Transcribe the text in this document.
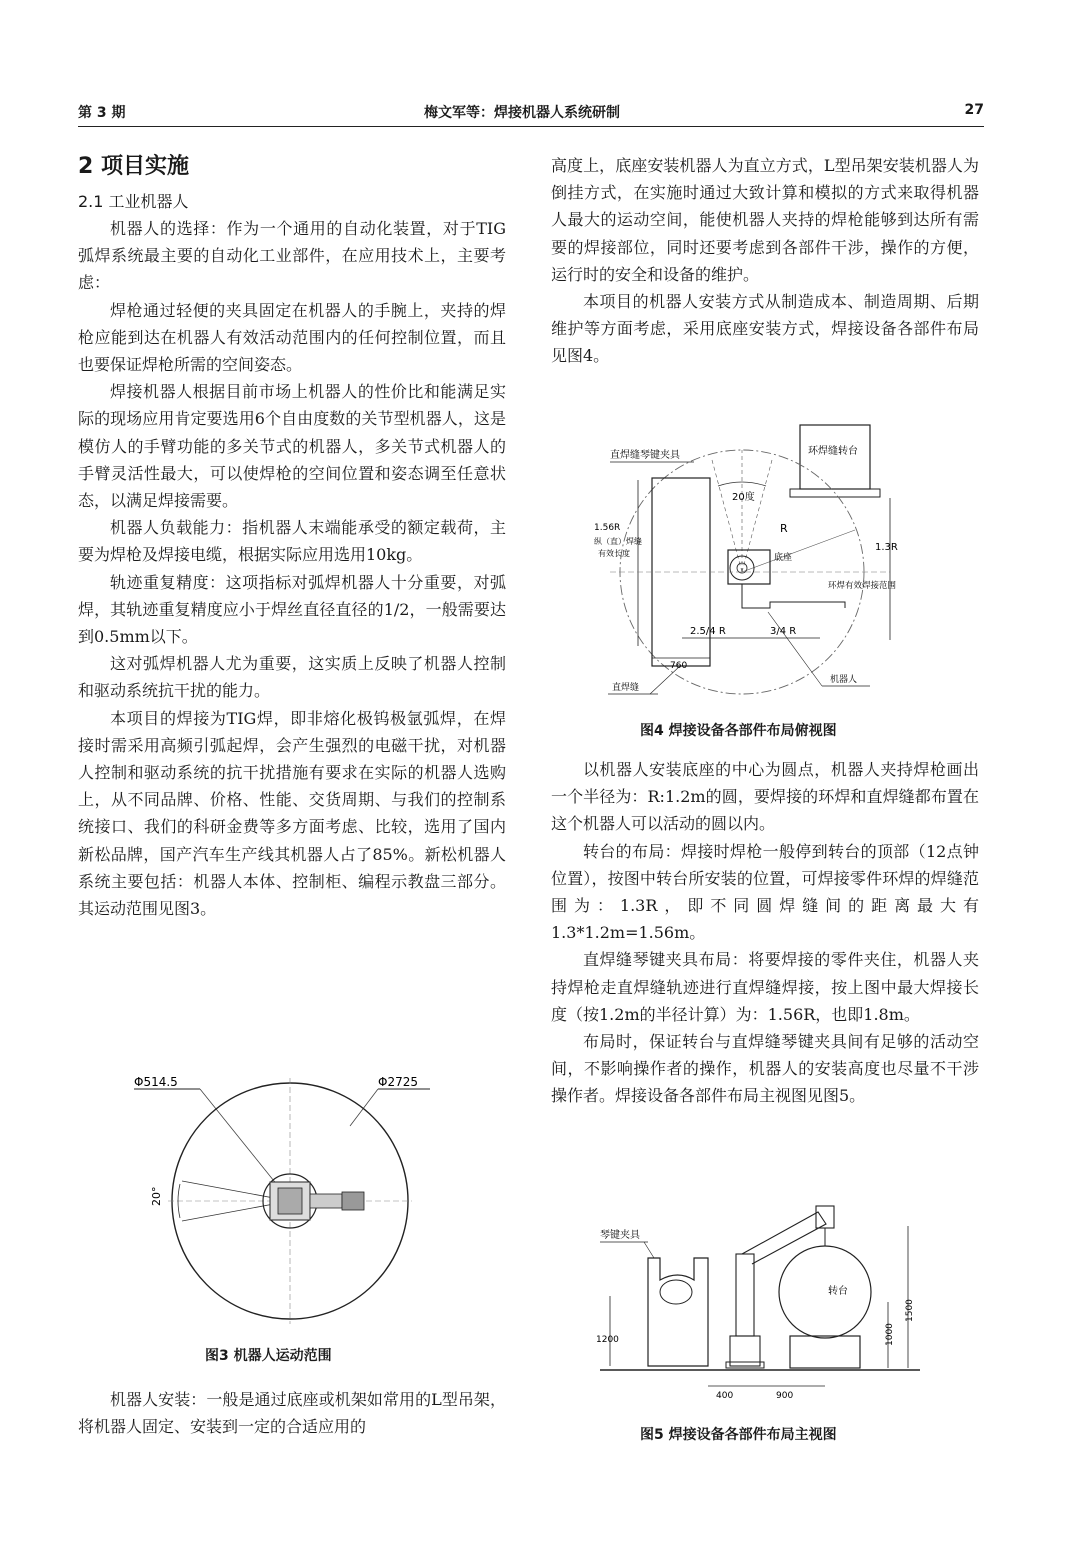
第 3 期	梅文军等：焊接机器人系统研制	27
2 项目实施
2.1 工业机器人

机器人的选择：作为一个通用的自动化装置，对于TIG弧焊系统最主要的自动化工业部件，在应用技术上，主要考虑：

焊枪通过轻便的夹具固定在机器人的手腕上，夹持的焊枪应能到达在机器人有效活动范围内的任何控制位置，而且也要保证焊枪所需的空间姿态。

焊接机器人根据目前市场上机器人的性价比和能满足实际的现场应用肯定要选用6个自由度数的关节型机器人，这是模仿人的手臂功能的多关节式的机器人，多关节式机器人的手臂灵活性最大，可以使焊枪的空间位置和姿态调至任意状态，以满足焊接需要。

机器人负载能力：指机器人末端能承受的额定载荷，主要为焊枪及焊接电缆，根据实际应用选用10kg。

轨迹重复精度：这项指标对弧焊机器人十分重要，对弧焊，其轨迹重复精度应小于焊丝直径直径的1/2，一般需要达到0.5mm以下。

这对弧焊机器人尤为重要，这实质上反映了机器人控制和驱动系统抗干扰的能力。

本项目的焊接为TIG焊，即非熔化极钨极氩弧焊，在焊接时需采用高频引弧起焊，会产生强烈的电磁干扰，对机器人控制和驱动系统的抗干扰措施有要求在实际的机器人选购上，从不同品牌、价格、性能、交货周期、与我们的控制系统接口、我们的科研金费等多方面考虑、比较，选用了国内新松品牌，国产汽车生产线其机器人占了85%。新松机器人系统主要包括：机器人本体、控制柜、编程示教盘三部分。其运动范围见图3。

Φ514.5	Φ2725
20°
图3 机器人运动范围

机器人安装：一般是通过底座或机架如常用的L型吊架，将机器人固定、安装到一定的合适应用的

高度上，底座安装机器人为直立方式，L型吊架安装机器人为倒挂方式，在实施时通过大致计算和模拟的方式来取得机器人最大的运动空间，能使机器人夹持的焊枪能够到达所有需要的焊接部位，同时还要考虑到各部件干涉，操作的方便，运行时的安全和设备的维护。

本项目的机器人安装方式从制造成本、制造周期、后期维护等方面考虑，采用底座安装方式，焊接设备各部件布局见图4。

直焊缝琴键夹具	环焊缝转台
20度
R
1.56R
纵（直）焊缝
有效长度
1.3R
底座
环焊有效焊接范围
2.5/4 R	3/4 R
760
直焊缝
机器人
图4 焊接设备各部件布局俯视图

以机器人安装底座的中心为圆点，机器人夹持焊枪画出一个半径为：R:1.2m的圆，要焊接的环焊和直焊缝都布置在这个机器人可以活动的圆以内。

转台的布局：焊接时焊枪一般停到转台的顶部（12点钟位置），按图中转台所安装的位置，可焊接零件环焊的焊缝范围为：1.3R，即不同圆焊缝间的距离最大有1.3*1.2m=1.56m。

直焊缝琴键夹具布局：将要焊接的零件夹住，机器人夹持焊枪走直焊缝轨迹进行直焊缝焊接，按上图中最大焊接长度（按1.2m的半径计算）为：1.56R，也即1.8m。

布局时，保证转台与直焊缝琴键夹具间有足够的活动空间，不影响操作者的操作，机器人的安装高度也尽量不干涉操作者。焊接设备各部件布局主视图见图5。

琴键夹具
1200
转台
1500
1000
400	900
图5 焊接设备各部件布局主视图
